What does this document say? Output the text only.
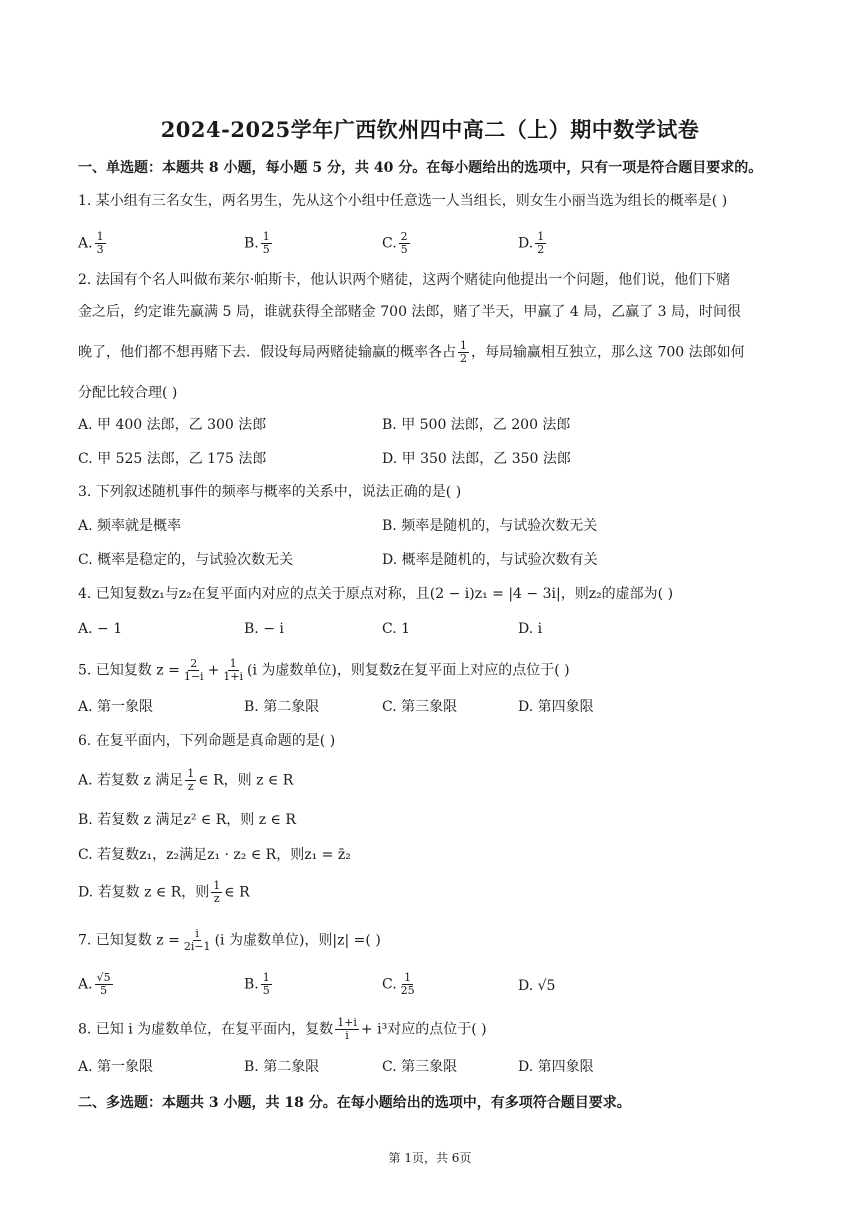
2024-2025学年广西钦州四中高二（上）期中数学试卷
一、单选题：本题共 8 小题，每小题 5 分，共 40 分。在每小题给出的选项中，只有一项是符合题目要求的。
1. 某小组有三名女生，两名男生，先从这个小组中任意选一人当组长，则女生小丽当选为组长的概率是( )
A. $\frac{1}{3}$	B. $\frac{1}{5}$	C. $\frac{2}{5}$	D. $\frac{1}{2}$
2. 法国有个名人叫做布莱尔·帕斯卡，他认识两个赌徒，这两个赌徒向他提出一个问题，他们说，他们下赌
金之后，约定谁先赢满 5 局，谁就获得全部赌金 700 法郎，赌了半天，甲赢了 4 局，乙赢了 3 局，时间很
晚了，他们都不想再赌下去．假设每局两赌徒输赢的概率各占 $\frac{1}{2}$ ，每局输赢相互独立，那么这 700 法郎如何
分配比较合理( )
A. 甲 400 法郎，乙 300 法郎	B. 甲 500 法郎，乙 200 法郎
C. 甲 525 法郎，乙 175 法郎	D. 甲 350 法郎，乙 350 法郎
3. 下列叙述随机事件的频率与概率的关系中，说法正确的是( )
A. 频率就是概率	B. 频率是随机的，与试验次数无关
C. 概率是稳定的，与试验次数无关	D. 概率是随机的，与试验次数有关
4. 已知复数z₁与z₂在复平面内对应的点关于原点对称，且(2 − i)z₁ = |4 − 3i|，则z₂的虚部为( )
A. − 1	B. − i	C. 1	D. i
5. 已知复数 $z = \frac{2}{1-i} + \frac{1}{1+i} (i$ 为虚数单位)，则复数z̄在复平面上对应的点位于( )
A. 第一象限	B. 第二象限	C. 第三象限	D. 第四象限
6. 在复平面内，下列命题是真命题的是( )
A. 若复数 z 满足 $\frac{1}{z}$ ∈ R，则 z ∈ R
B. 若复数 z 满足z² ∈ R，则 z ∈ R
C. 若复数z₁，z₂满足z₁ · z₂ ∈ R，则z₁ = z̄₂
D. 若复数 z ∈ R，则 $\frac{1}{z}$ ∈ R
7. 已知复数 $z = \frac{i}{2i-1} (i$ 为虚数单位)，则|z| =( )
A. $\frac{√5}{5}$	B. $\frac{1}{5}$	C. $\frac{1}{25}$	D. √5
8. 已知 i 为虚数单位，在复平面内，复数 $\frac{1+i}{i} + i^3$对应的点位于( )
A. 第一象限	B. 第二象限	C. 第三象限	D. 第四象限
二、多选题：本题共 3 小题，共 18 分。在每小题给出的选项中，有多项符合题目要求。
第 1页，共 6页
